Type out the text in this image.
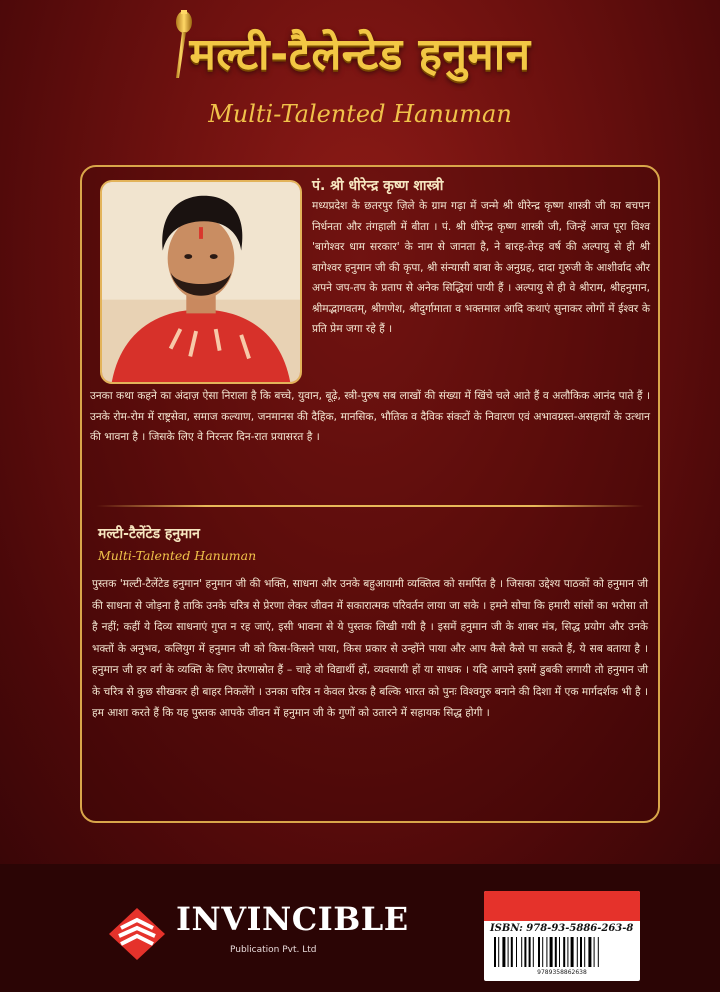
मल्टी-टैलेन्टेड हनुमान
Multi-Talented Hanuman
पं. श्री धीरेन्द्र कृष्ण शास्त्री
मध्यप्रदेश के छतरपुर ज़िले के ग्राम गढ़ा में जन्मे श्री धीरेन्द्र कृष्ण शास्त्री जी का बचपन निर्धनता और तंगहाली में बीता । पं. श्री धीरेन्द्र कृष्ण शास्त्री जी, जिन्हें आज पूरा विश्व 'बागेश्वर धाम सरकार' के नाम से जानता है, ने बारह-तेरह वर्ष की अल्पायु से ही श्री बागेश्वर हनुमान जी की कृपा, श्री संन्यासी बाबा के अनुग्रह, दादा गुरुजी के आशीर्वाद और अपने जप-तप के प्रताप से अनेक सिद्धियां पायी हैं । अल्पायु से ही वे श्रीराम, श्रीहनुमान, श्रीमद्भागवतम्, श्रीगणेश, श्रीदुर्गामाता व भक्तमाल आदि कथाएं सुनाकर लोगों में ईश्वर के प्रति प्रेम जगा रहे हैं ।
उनका कथा कहने का अंदाज़ ऐसा निराला है कि बच्चे, युवान, बूढ़े, स्त्री-पुरुष सब लाखों की संख्या में खिंचे चले आते हैं व अलौकिक आनंद पाते हैं । उनके रोम-रोम में राष्ट्रसेवा, समाज कल्याण, जनमानस की दैहिक, मानसिक, भौतिक व दैविक संकटों के निवारण एवं अभावग्रस्त-असहायों के उत्थान की भावना है । जिसके लिए वे निरन्तर दिन-रात प्रयासरत है ।
मल्टी-टैलेंटेड हनुमान
Multi-Talented Hanuman
पुस्तक 'मल्टी-टैलेंटेड हनुमान' हनुमान जी की भक्ति, साधना और उनके बहुआयामी व्यक्तित्व को समर्पित है । जिसका उद्देश्य पाठकों को हनुमान जी की साधना से जोड़ना है ताकि उनके चरित्र से प्रेरणा लेकर जीवन में सकारात्मक परिवर्तन लाया जा सके । हमने सोचा कि हमारी सांसों का भरोसा तो है नहीं; कहीं ये दिव्य साधनाएं गुप्त न रह जाएं, इसी भावना से ये पुस्तक लिखी गयी है । इसमें हनुमान जी के शाबर मंत्र, सिद्ध प्रयोग और उनके भक्तों के अनुभव, कलियुग में हनुमान जी को किस-किसने पाया, किस प्रकार से उन्होंने पाया और आप कैसे कैसे पा सकते हैं, ये सब बताया है । हनुमान जी हर वर्ग के व्यक्ति के लिए प्रेरणास्रोत हैं – चाहे वो विद्यार्थी हों, व्यवसायी हों या साधक । यदि आपने इसमें डुबकी लगायी तो हनुमान जी के चरित्र से कुछ सीखकर ही बाहर निकलेंगे । उनका चरित्र न केवल प्रेरक है बल्कि भारत को पुनः विश्वगुरु बनाने की दिशा में एक मार्गदर्शक भी है । हम आशा करते हैं कि यह पुस्तक आपके जीवन में हनुमान जी के गुणों को उतारने में सहायक सिद्ध होगी ।
INVINCIBLE
Publication Pvt. Ltd
ISBN: 978-93-5886-263-8
9789358862638
